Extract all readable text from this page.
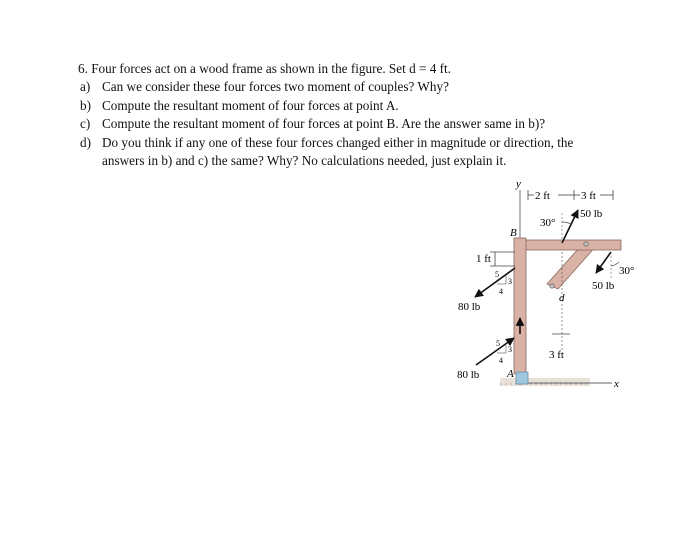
6. Four forces act on a wood frame as shown in the figure. Set d = 4 ft.
a) Can we consider these four forces two moment of couples? Why?
b) Compute the resultant moment of four forces at point A.
c) Compute the resultant moment of four forces at point B. Are the answer same in b)?
d) Do you think if any one of these four forces changed either in magnitude or direction, the
answers in b) and c) the same? Why? No calculations needed, just explain it.
y
x
2 ft	3 ft
50 lb
30°
B
50 lb
30°
d
1 ft
5
3
4
80 lb
3 ft
5
3
4
80 lb	A
